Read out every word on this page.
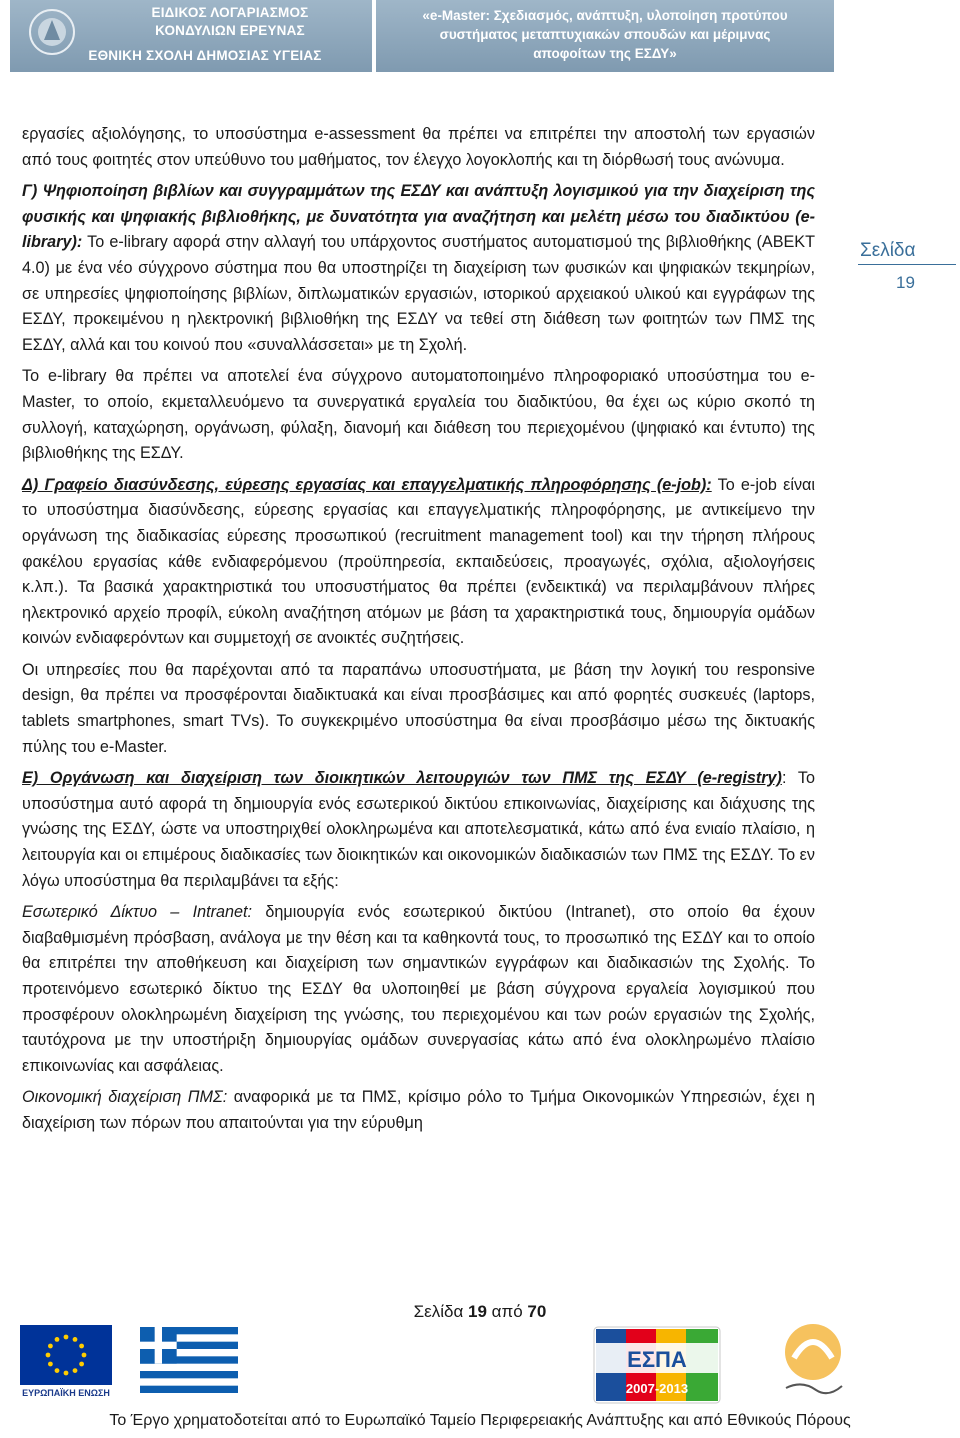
ΕΙΔΙΚΟΣ ΛΟΓΑΡΙΑΣΜΟΣ
ΚΟΝΔΥΛΙΩΝ ΕΡΕΥΝΑΣ
ΕΘΝΙΚΗ ΣΧΟΛΗ ΔΗΜΟΣΙΑΣ ΥΓΕΙΑΣ
«e-Master: Σχεδιασμός, ανάπτυξη, υλοποίηση προτύπου
συστήματος μεταπτυχιακών σπουδών και μέριμνας
αποφοίτων της ΕΣΔΥ»

εργασίες αξιολόγησης, το υποσύστημα e-assessment θα πρέπει να επιτρέπει την αποστολή των εργασιών από τους φοιτητές στον υπεύθυνο του μαθήματος, τον έλεγχο λογοκλοπής και τη διόρθωσή τους ανώνυμα.

Γ) Ψηφιοποίηση βιβλίων και συγγραμμάτων της ΕΣΔΥ και ανάπτυξη λογισμικού για την διαχείριση της φυσικής και ψηφιακής βιβλιοθήκης, με δυνατότητα για αναζήτηση και μελέτη μέσω του διαδικτύου (e-library): Το e-library αφορά στην αλλαγή του υπάρχοντος συστήματος αυτοματισμού της βιβλιοθήκης (ΑΒΕΚΤ 4.0) με ένα νέο σύγχρονο σύστημα που θα υποστηρίζει τη διαχείριση των φυσικών και ψηφιακών τεκμηρίων, σε υπηρεσίες ψηφιοποίησης βιβλίων, διπλωματικών εργασιών, ιστορικού αρχειακού υλικού και εγγράφων της ΕΣΔΥ, προκειμένου η ηλεκτρονική βιβλιοθήκη της ΕΣΔΥ να τεθεί στη διάθεση των φοιτητών των ΠΜΣ της ΕΣΔΥ, αλλά και του κοινού που «συναλλάσσεται» με τη Σχολή.

Το e-library θα πρέπει να αποτελεί ένα σύγχρονο αυτοματοποιημένο πληροφοριακό υποσύστημα του e-Master, το οποίο, εκμεταλλευόμενο τα συνεργατικά εργαλεία του διαδικτύου, θα έχει ως κύριο σκοπό τη συλλογή, καταχώρηση, οργάνωση, φύλαξη, διανομή και διάθεση του περιεχομένου (ψηφιακό και έντυπο) της βιβλιοθήκης της ΕΣΔΥ.

Δ) Γραφείο διασύνδεσης, εύρεσης εργασίας και επαγγελματικής πληροφόρησης (e-job): Το e-job είναι το υποσύστημα διασύνδεσης, εύρεσης εργασίας και επαγγελματικής πληροφόρησης, με αντικείμενο την οργάνωση της διαδικασίας εύρεσης προσωπικού (recruitment management tool) και την τήρηση πλήρους φακέλου εργασίας κάθε ενδιαφερόμενου (προϋπηρεσία, εκπαιδεύσεις, προαγωγές, σχόλια, αξιολογήσεις κ.λπ.). Τα βασικά χαρακτηριστικά του υποσυστήματος θα πρέπει (ενδεικτικά) να περιλαμβάνουν πλήρες ηλεκτρονικό αρχείο προφίλ, εύκολη αναζήτηση ατόμων με βάση τα χαρακτηριστικά τους, δημιουργία ομάδων κοινών ενδιαφερόντων και συμμετοχή σε ανοικτές συζητήσεις.

Οι υπηρεσίες που θα παρέχονται από τα παραπάνω υποσυστήματα, με βάση την λογική του responsive design, θα πρέπει να προσφέρονται διαδικτυακά και είναι προσβάσιμες και από φορητές συσκευές (laptops, tablets smartphones, smart TVs). Το συγκεκριμένο υποσύστημα θα είναι προσβάσιμο μέσω της δικτυακής πύλης του e-Master.

Ε) Οργάνωση και διαχείριση των διοικητικών λειτουργιών των ΠΜΣ της ΕΣΔΥ (e-registry): Το υποσύστημα αυτό αφορά τη δημιουργία ενός εσωτερικού δικτύου επικοινωνίας, διαχείρισης και διάχυσης της γνώσης της ΕΣΔΥ, ώστε να υποστηριχθεί ολοκληρωμένα και αποτελεσματικά, κάτω από ένα ενιαίο πλαίσιο, η λειτουργία και οι επιμέρους διαδικασίες των διοικητικών και οικονομικών διαδικασιών των ΠΜΣ της ΕΣΔΥ. Το εν λόγω υποσύστημα θα περιλαμβάνει τα εξής:

Εσωτερικό Δίκτυο – Intranet: δημιουργία ενός εσωτερικού δικτύου (Intranet), στο οποίο θα έχουν διαβαθμισμένη πρόσβαση, ανάλογα με την θέση και τα καθηκοντά τους, το προσωπικό της ΕΣΔΥ και το οποίο θα επιτρέπει την αποθήκευση και διαχείριση των σημαντικών εγγράφων και διαδικασιών της Σχολής. Το προτεινόμενο εσωτερικό δίκτυο της ΕΣΔΥ θα υλοποιηθεί με βάση σύγχρονα εργαλεία λογισμικού που προσφέρουν ολοκληρωμένη διαχείριση της γνώσης, του περιεχομένου και των ροών εργασιών της Σχολής, ταυτόχρονα με την υποστήριξη δημιουργίας ομάδων συνεργασίας κάτω από ένα ολοκληρωμένο πλαίσιο επικοινωνίας και ασφάλειας.

Οικονομική διαχείριση ΠΜΣ: αναφορικά με τα ΠΜΣ, κρίσιμο ρόλο το Τμήμα Οικονομικών Υπηρεσιών, έχει η διαχείριση των πόρων που απαιτούνται για την εύρυθμη

Σελίδα
19
Σελίδα 19 από 70
ΕΥΡΩΠΑΪΚΗ ΕΝΩΣΗ
ΕΣΠΑ
2007-2013
Το Έργο χρηματοδοτείται από το Ευρωπαϊκό Ταμείο Περιφερειακής Ανάπτυξης και από Εθνικούς Πόρους
